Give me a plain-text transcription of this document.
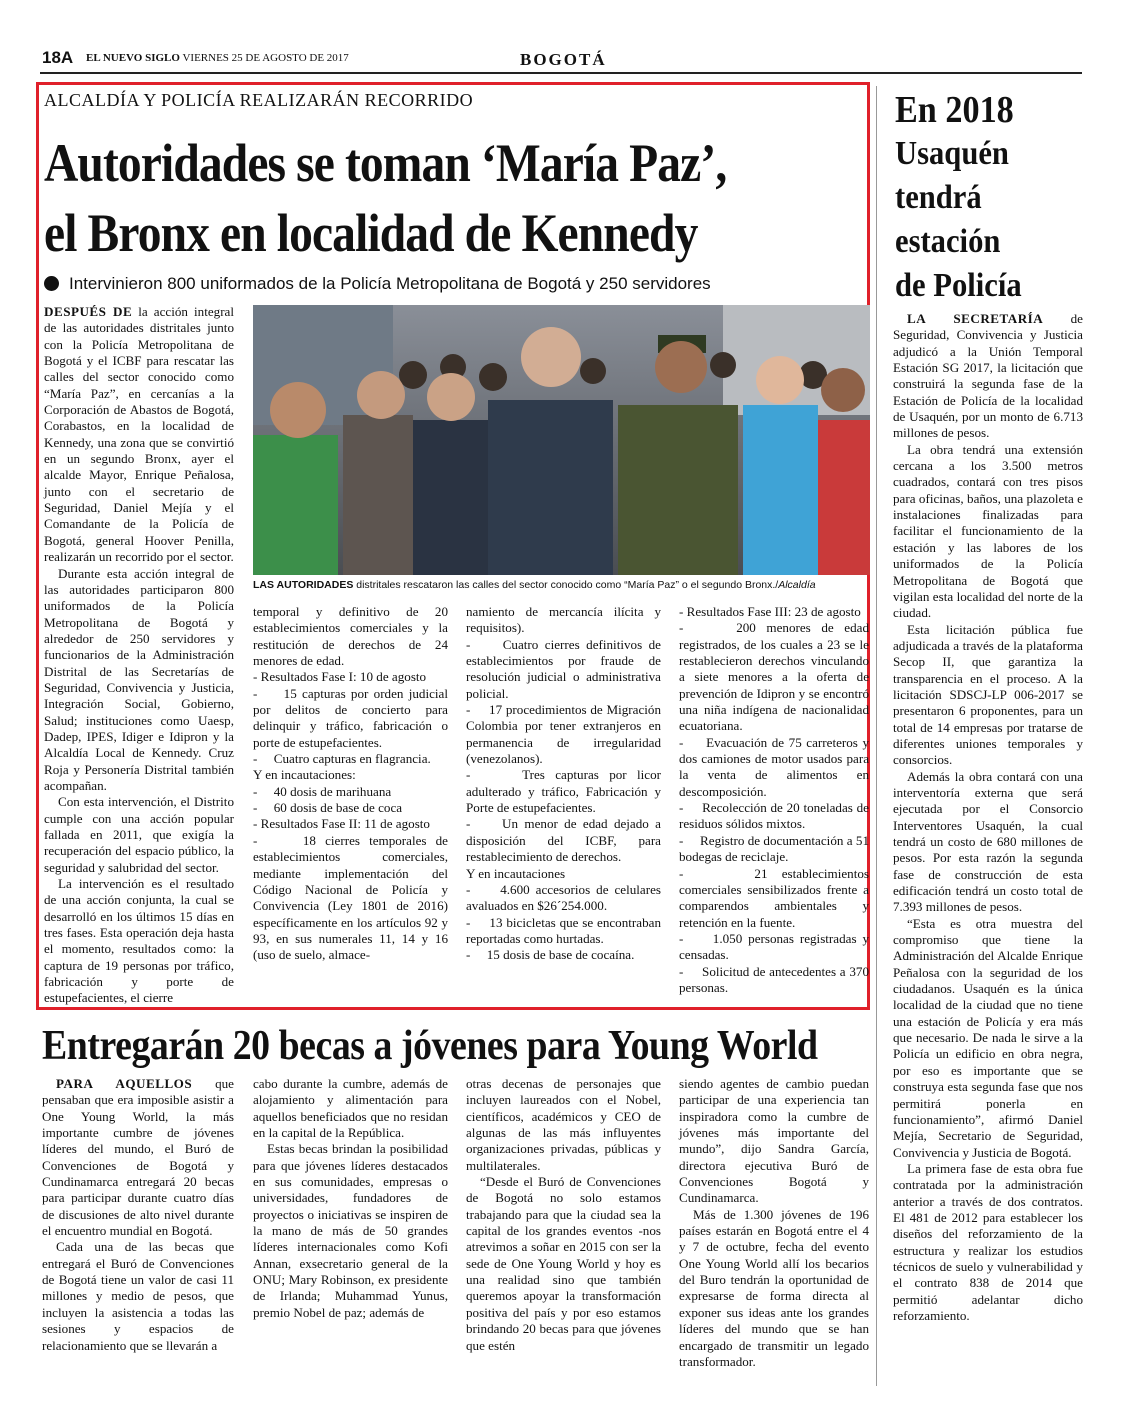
18A EL NUEVO SIGLO VIERNES 25 DE AGOSTO DE 2017	BOGOTÁ
ALCALDÍA Y POLICÍA REALIZARÁN RECORRIDO
Autoridades se toman ‘María Paz’,
el Bronx en localidad de Kennedy
Intervinieron 800 uniformados de la Policía Metropolitana de Bogotá y 250 servidores

DESPUÉS DE la acción integral de las autoridades distritales junto con la Policía Metropolitana de Bogotá y el ICBF para rescatar las calles del sector conocido como “María Paz”, en cercanías a la Corporación de Abastos de Bogotá, Corabastos, en la localidad de Kennedy, una zona que se convirtió en un segundo Bronx, ayer el alcalde Mayor, Enrique Peñalosa, junto con el secretario de Seguridad, Daniel Mejía y el Comandante de la Policía de Bogotá, general Hoover Penilla, realizarán un recorrido por el sector.

Durante esta acción integral de las autoridades participaron 800 uniformados de la Policía Metropolitana de Bogotá y alrededor de 250 servidores y funcionarios de la Administración Distrital de las Secretarías de Seguridad, Convivencia y Justicia, Integración Social, Gobierno, Salud; instituciones como Uaesp, Dadep, IPES, Idiger e Idipron y la Alcaldía Local de Kennedy. Cruz Roja y Personería Distrital también acompañan.

Con esta intervención, el Distrito cumple con una acción popular fallada en 2011, que exigía la recuperación del espacio público, la seguridad y salubridad del sector.

La intervención es el resultado de una acción conjunta, la cual se desarrolló en los últimos 15 días en tres fases. Esta operación deja hasta el momento, resultados como: la captura de 19 personas por tráfico, fabricación y porte de estupefacientes, el cierre

LAS AUTORIDADES distritales rescataron las calles del sector conocido como “María Paz” o el segundo Bronx./Alcaldía

temporal y definitivo de 20 establecimientos comerciales y la restitución de derechos de 24 menores de edad.

- Resultados Fase I: 10 de agosto

-     15 capturas por orden judicial por delitos de concierto para delinquir y tráfico, fabricación o porte de estupefacientes.

-     Cuatro capturas en flagrancia.

Y en incautaciones:

-     40 dosis de marihuana

-     60 dosis de base de coca

- Resultados Fase II: 11 de agosto

-     18 cierres temporales de establecimientos comerciales, mediante implementación del Código Nacional de Policía y Convivencia (Ley 1801 de 2016) específicamente en los artículos 92 y 93, en sus numerales 11, 14 y 16 (uso de suelo, almace-

namiento de mercancía ilícita y requisitos).

-     Cuatro cierres definitivos de establecimientos por fraude de resolución judicial o administrativa policial.

-     17 procedimientos de Migración Colombia por tener extranjeros en permanencia de irregularidad (venezolanos).

-     Tres capturas por licor adulterado y tráfico, Fabricación y Porte de estupefacientes.

-     Un menor de edad dejado a disposición del ICBF, para restablecimiento de derechos.

Y en incautaciones

-     4.600 accesorios de celulares avaluados en $26´254.000.

-     13 bicicletas que se encontraban reportadas como hurtadas.

-     15 dosis de base de cocaína.

- Resultados Fase III: 23 de agosto

-     200 menores de edad registrados, de los cuales a 23 se le restablecieron derechos vinculando a siete menores a la oferta de prevención de Idipron y se encontró una niña indígena de nacionalidad ecuatoriana.

-     Evacuación de 75 carreteros y dos camiones de motor usados para la venta de alimentos en descomposición.

-     Recolección de 20 toneladas de residuos sólidos mixtos.

-     Registro de documentación a 51 bodegas de reciclaje.

-     21 establecimientos comerciales sensibilizados frente a comparendos ambientales y retención en la fuente.

-     1.050 personas registradas y censadas.

-     Solicitud de antecedentes a 370 personas.

En 2018
Usaquén
tendrá
estación
de Policía

LA SECRETARÍA de Seguridad, Convivencia y Justicia adjudicó a la Unión Temporal Estación SG 2017, la licitación que construirá la segunda fase de la Estación de Policía de la localidad de Usaquén, por un monto de 6.713 millones de pesos.

La obra tendrá una extensión cercana a los 3.500 metros cuadrados, contará con tres pisos para oficinas, baños, una plazoleta e instalaciones finalizadas para facilitar el funcionamiento de la estación y las labores de los uniformados de la Policía Metropolitana de Bogotá que vigilan esta localidad del norte de la ciudad.

Esta licitación pública fue adjudicada a través de la plataforma Secop II, que garantiza la transparencia en el proceso. A la licitación SDSCJ-LP 006-2017 se presentaron 6 proponentes, para un total de 14 empresas por tratarse de diferentes uniones temporales y consorcios.

Además la obra contará con una interventoría externa que será ejecutada por el Consorcio Interventores Usaquén, la cual tendrá un costo de 680 millones de pesos. Por esta razón la segunda fase de construcción de esta edificación tendrá un costo total de 7.393 millones de pesos.

“Esta es otra muestra del compromiso que tiene la Administración del Alcalde Enrique Peñalosa con la seguridad de los ciudadanos. Usaquén es la única localidad de la ciudad que no tiene una estación de Policía y era más que necesario. De nada le sirve a la Policía un edificio en obra negra, por eso es importante que se construya esta segunda fase que nos permitirá ponerla en funcionamiento”, afirmó Daniel Mejía, Secretario de Seguridad, Convivencia y Justicia de Bogotá.

La primera fase de esta obra fue contratada por la administración anterior a través de dos contratos. El 481 de 2012 para establecer los diseños del reforzamiento de la estructura y realizar los estudios técnicos de suelo y vulnerabilidad y el contrato 838 de 2014 que permitió adelantar dicho reforzamiento.

Entregarán 20 becas a jóvenes para Young World

PARA AQUELLOS que pensaban que era imposible asistir a One Young World, la más importante cumbre de jóvenes líderes del mundo, el Buró de Convenciones de Bogotá y Cundinamarca entregará 20 becas para participar durante cuatro días de discusiones de alto nivel durante el encuentro mundial en Bogotá.

Cada una de las becas que entregará el Buró de Convenciones de Bogotá tiene un valor de casi 11 millones y medio de pesos, que incluyen la asistencia a todas las sesiones y espacios de relacionamiento que se llevarán a

cabo durante la cumbre, además de alojamiento y alimentación para aquellos beneficiados que no residan en la capital de la República.

Estas becas brindan la posibilidad para que jóvenes líderes destacados en sus comunidades, empresas o universidades, fundadores de proyectos o iniciativas se inspiren de la mano de más de 50 grandes líderes internacionales como Kofi Annan, exsecretario general de la ONU; Mary Robinson, ex presidente de Irlanda; Muhammad Yunus, premio Nobel de paz; además de

otras decenas de personajes que incluyen laureados con el Nobel, científicos, académicos y CEO de algunas de las más influyentes organizaciones privadas, públicas y multilaterales.

“Desde el Buró de Convenciones de Bogotá no solo estamos trabajando para que la ciudad sea la capital de los grandes eventos -nos atrevimos a soñar en 2015 con ser la sede de One Young World y hoy es una realidad sino que también queremos apoyar la transformación positiva del país y por eso estamos brindando 20 becas para que jóvenes que estén

siendo agentes de cambio puedan participar de una experiencia tan inspiradora como la cumbre de jóvenes más importante del mundo”, dijo Sandra García, directora ejecutiva Buró de Convenciones Bogotá y Cundinamarca.

Más de 1.300 jóvenes de 196 países estarán en Bogotá entre el 4 y 7 de octubre, fecha del evento One Young World allí los becarios del Buro tendrán la oportunidad de expresarse de forma directa al exponer sus ideas ante los grandes líderes del mundo que se han encargado de transmitir un legado transformador.
